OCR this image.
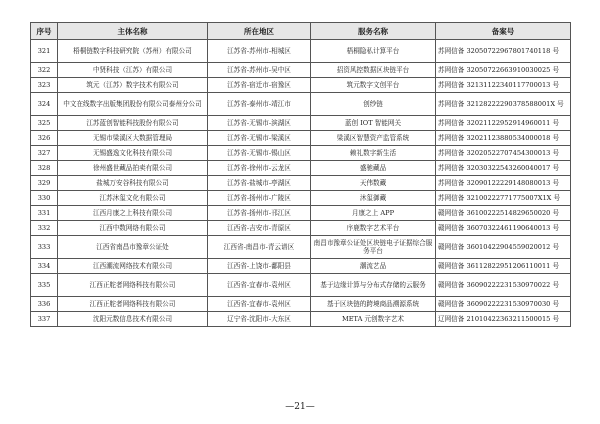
序号	主体名称	所在地区	服务名称	备案号
321	梧桐链数字科技研究院（苏州）有限公司	江苏省-苏州市-相城区	梧桐隐私计算平台	苏网信备 32050722967801740118 号
322	中贤科技（江苏）有限公司	江苏省-苏州市-吴中区	招资风控数据区块链平台	苏网信备 32050722663910030025 号
323	筑元（江苏）数字技术有限公司	江苏省-宿迁市-宿豫区	筑元数字文创平台	苏网信备 32131122340117700013 号
324	中文在线数字出版集团股份有限公司泰州分公司	江苏省-泰州市-靖江市	创纱链	苏网信备 32128222290378588001X 号
325	江苏蓝创智能科技股份有限公司	江苏省-无锡市-滨湖区	蓝创 IOT 智能网关	苏网信备 32021122952914960011 号
326	无锡市梁溪区大数据管理局	江苏省-无锡市-梁溪区	梁溪区智慧资产监管系统	苏网信备 32021123880534000018 号
327	无锡盛逸文化科技有限公司	江苏省-无锡市-锡山区	赖礼数字新生活	苏网信备 32020522707454300013 号
328	徐州盛世藏品拍卖有限公司	江苏省-徐州市-云龙区	盛驰藏品	苏网信备 32030322543260040017 号
329	盐城万安谷科技有限公司	江苏省-盐城市-亭湖区	天伟数藏	苏网信备 32090122229148080013 号
330	江苏沐玺文化有限公司	江苏省-扬州市-广陵区	沐玺御藏	苏网信备 32100222771775007X1X 号
331	江西月康之上科技有限公司	江苏省-扬州市-邗江区	月康之上 APP	赣网信备 36100222514829650020 号
332	江西中数网络有限公司	江西省-吉安市-青原区	序鹿数字艺术平台	赣网信备 36070322461190640013 号
333	江西省南昌市豫章公证处	江西省-南昌市-青云谱区	南昌市豫章公证处区块链电子证据综合服务平台	赣网信备 36010422904559020012 号
334	江西潮流网络技术有限公司	江西省-上饶市-鄱阳县	潮流艺品	赣网信备 36112822951206110011 号
335	江西正舵者网络科技有限公司	江西省-宜春市-袁州区	基于边缘计算与分布式存储的云服务	赣网信备 36090222231530970022 号
336	江西正舵者网络科技有限公司	江西省-宜春市-袁州区	基于区块链的跨境商品溯源系统	赣网信备 36090222231530970030 号
337	沈阳元数信息技术有限公司	辽宁省-沈阳市-大东区	META 元创数字艺术	辽网信备 21010422363211500015 号
—21—
